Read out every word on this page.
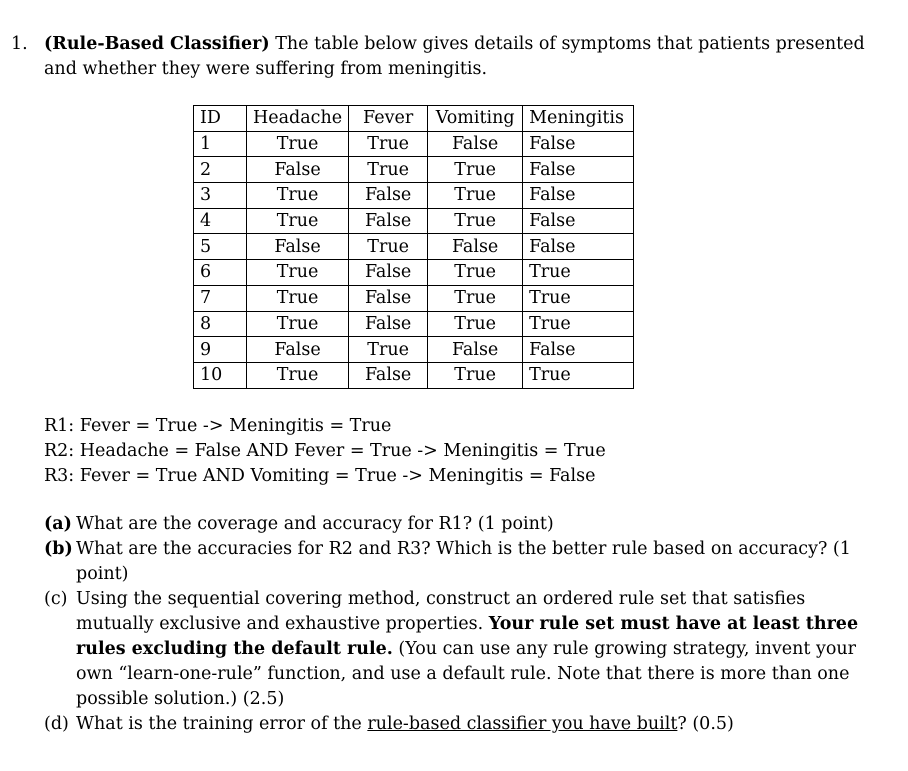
1. (Rule-Based Classifier) The table below gives details of symptoms that patients presented and whether they were suffering from meningitis.
ID	Headache	Fever	Vomiting	Meningitis
1	True	True	False	False
2	False	True	True	False
3	True	False	True	False
4	True	False	True	False
5	False	True	False	False
6	True	False	True	True
7	True	False	True	True
8	True	False	True	True
9	False	True	False	False
10	True	False	True	True
R1: Fever = True -> Meningitis = True
R2: Headache = False AND Fever = True -> Meningitis = True
R3: Fever = True AND Vomiting = True -> Meningitis = False
(a) What are the coverage and accuracy for R1? (1 point)
(b) What are the accuracies for R2 and R3? Which is the better rule based on accuracy? (1 point)
(c) Using the sequential covering method, construct an ordered rule set that satisfies mutually exclusive and exhaustive properties. Your rule set must have at least three rules excluding the default rule. (You can use any rule growing strategy, invent your own “learn-one-rule” function, and use a default rule. Note that there is more than one possible solution.) (2.5)
(d) What is the training error of the rule-based classifier you have built? (0.5)
